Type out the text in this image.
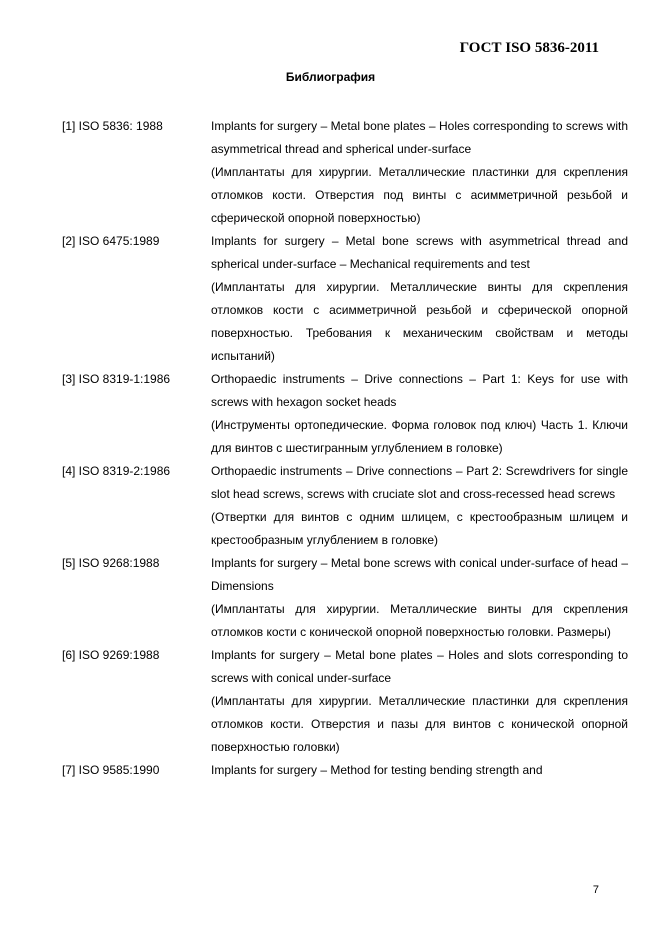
ГОСТ ISO 5836-2011
Библиография
[1] ISO 5836: 1988	Implants for surgery – Metal bone plates – Holes corresponding to screws with asymmetrical thread and spherical under-surface

(Имплантаты для хирургии. Металлические пластинки для скрепления отломков кости. Отверстия под винты с асимметричной резьбой и сферической опорной поверхностью)

[2] ISO 6475:1989	Implants for surgery – Metal bone screws with asymmetrical thread and spherical under-surface – Mechanical requirements and test

(Имплантаты для хирургии. Металлические винты для скрепления отломков кости с асимметричной резьбой и сферической опорной поверхностью. Требования к механическим свойствам и методы испытаний)

[3] ISO 8319-1:1986	Orthopaedic instruments – Drive connections – Part 1: Keys for use with screws with hexagon socket heads

(Инструменты ортопедические. Форма головок под ключ) Часть 1. Ключи для винтов с шестигранным углублением в головке)

[4] ISO 8319-2:1986	Orthopaedic instruments – Drive connections – Part 2: Screwdrivers for single slot head screws, screws with cruciate slot and cross-recessed head screws

(Отвертки для винтов с одним шлицем, с крестообразным шлицем и крестообразным углублением в головке)

[5] ISO 9268:1988	Implants for surgery – Metal bone screws with conical under-surface of head – Dimensions

(Имплантаты для хирургии. Металлические винты для скрепления отломков кости с конической опорной поверхностью головки. Размеры)

[6] ISO 9269:1988	Implants for surgery – Metal bone plates – Holes and slots corresponding to screws with conical under-surface

(Имплантаты для хирургии. Металлические пластинки для скрепления отломков кости. Отверстия и пазы для винтов с конической опорной поверхностью головки)

[7] ISO 9585:1990	Implants for surgery – Method for testing bending strength and

7
